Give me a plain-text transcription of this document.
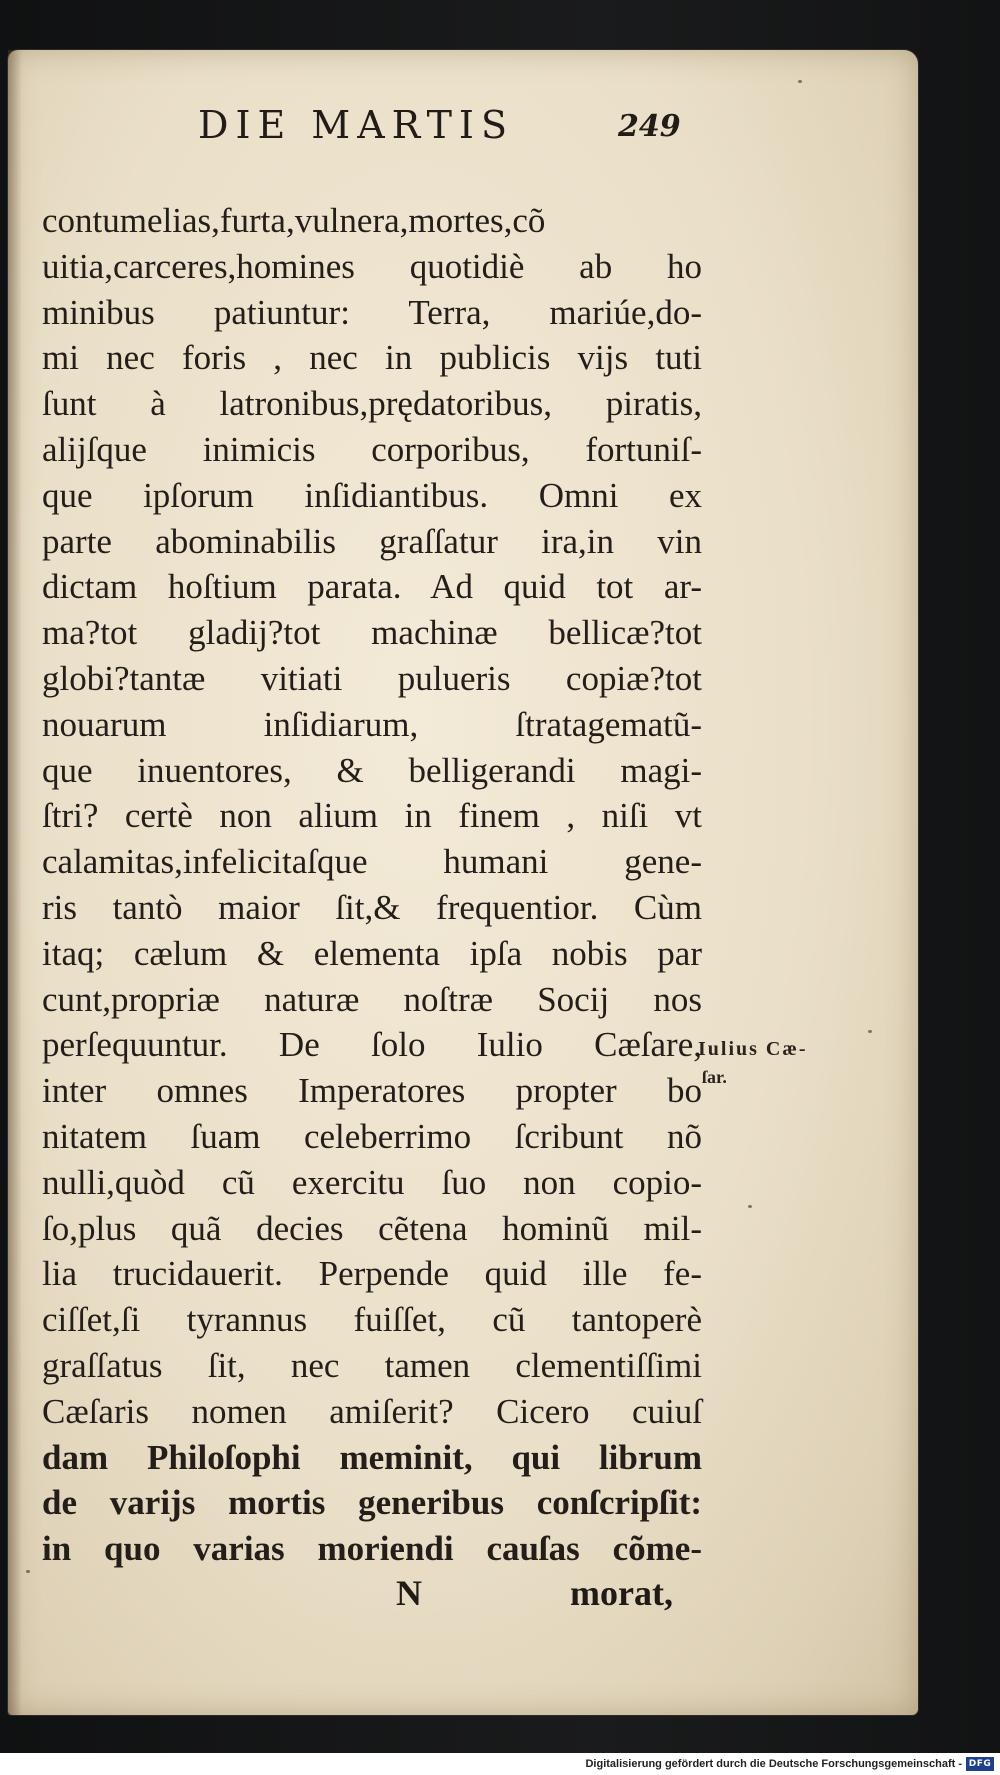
DIE MARTIS	249
contumelias,furta,vulnera,mortes,cõ
uitia,carceres,homines quotidiè ab ho
minibus patiuntur: Terra, mariúe,do-
mi nec foris , nec in publicis vijs tuti
ſunt à latronibus,prędatoribus, piratis,
alijſque inimicis corporibus, fortuniſ-
que ipſorum inſidiantibus. Omni ex
parte abominabilis graſſatur ira,in vin
dictam hoſtium parata. Ad quid tot ar-
ma?tot gladij?tot machinæ bellicæ?tot
globi?tantæ vitiati pulueris copiæ?tot
nouarum inſidiarum, ſtratagematũ-
que inuentores, & belligerandi magi-
ſtri? certè non alium in finem , niſi vt
calamitas,infelicitaſque humani gene-
ris tantò maior ſit,& frequentior. Cùm
itaq; cælum & elementa ipſa nobis par
cunt,propriæ naturæ noſtræ Socij nos
perſequuntur. De ſolo Iulio Cæſare,
inter omnes Imperatores propter bo
nitatem ſuam celeberrimo ſcribunt nõ
nulli,quòd cũ exercitu ſuo non copio-
ſo,plus quã decies cẽtena hominũ mil-
lia trucidauerit. Perpende quid ille fe-
ciſſet,ſi tyrannus fuiſſet, cũ tantoperè
graſſatus ſit, nec tamen clementiſſimi
Cæſaris nomen amiſerit? Cicero cuiuſ
dam Philoſophi meminit, qui librum
de varijs mortis generibus conſcripſit:
in quo varias moriendi cauſas cõme-
Iulius Cæ-
ſar.
N	morat,
Digitalisierung gefördert durch die Deutsche Forschungsgemeinschaft - DFG
